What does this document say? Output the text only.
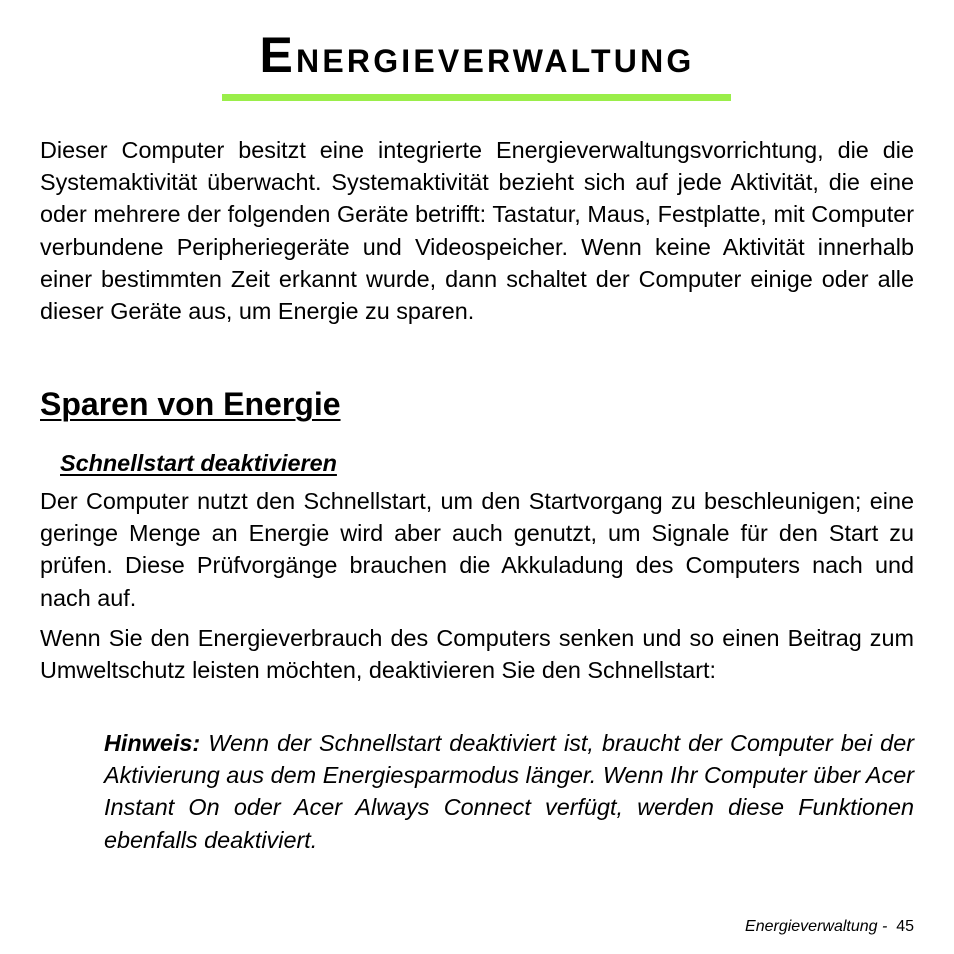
ENERGIEVERWALTUNG

Dieser Computer besitzt eine integrierte Energieverwaltungsvorrichtung, die die Systemaktivität überwacht. Systemaktivität bezieht sich auf jede Aktivität, die eine oder mehrere der folgenden Geräte betrifft: Tastatur, Maus, Festplatte, mit Computer verbundene Peripheriegeräte und Videospeicher. Wenn keine Aktivität innerhalb einer bestimmten Zeit erkannt wurde, dann schaltet der Computer einige oder alle dieser Geräte aus, um Energie zu sparen.

Sparen von Energie
Schnellstart deaktivieren

Der Computer nutzt den Schnellstart, um den Startvorgang zu beschleunigen; eine geringe Menge an Energie wird aber auch genutzt, um Signale für den Start zu prüfen. Diese Prüfvorgänge brauchen die Akkuladung des Computers nach und nach auf.

Wenn Sie den Energieverbrauch des Computers senken und so einen Beitrag zum Umweltschutz leisten möchten, deaktivieren Sie den Schnellstart:

Hinweis: Wenn der Schnellstart deaktiviert ist, braucht der Computer bei der Aktivierung aus dem Energiesparmodus länger. Wenn Ihr Computer über Acer Instant On oder Acer Always Connect verfügt, werden diese Funktionen ebenfalls deaktiviert.

Energieverwaltung -  45
